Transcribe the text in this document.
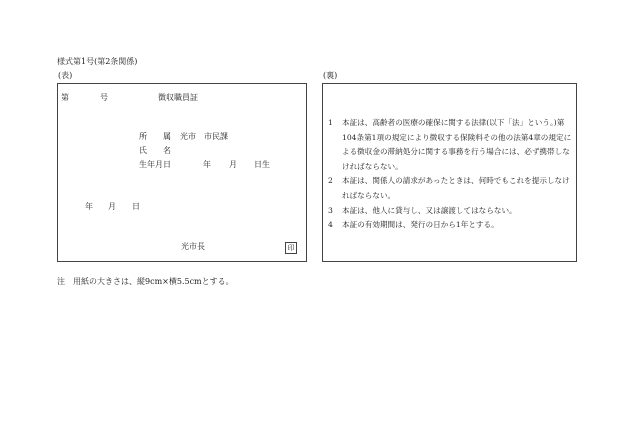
様式第1号(第2条関係)
(表)	(裏)
第	号	徴収職員証
所　　属 光市　市民課
氏　　名
生年月日	年 月 日生
年 月 日
光市長	印
1 本証は、高齢者の医療の確保に関する法律(以下「法」という。)第104条第1項の規定により徴収する保険料その他の法第4章の規定による徴収金の滞納処分に関する事務を行う場合には、必ず携帯しなければならない。
2 本証は、関係人の請求があったときは、何時でもこれを提示しなければならない。
3 本証は、他人に貸与し、又は譲渡してはならない。
4 本証の有効期間は、発行の日から1年とする。
注　用紙の大きさは、縦9cm×横5.5cmとする。
